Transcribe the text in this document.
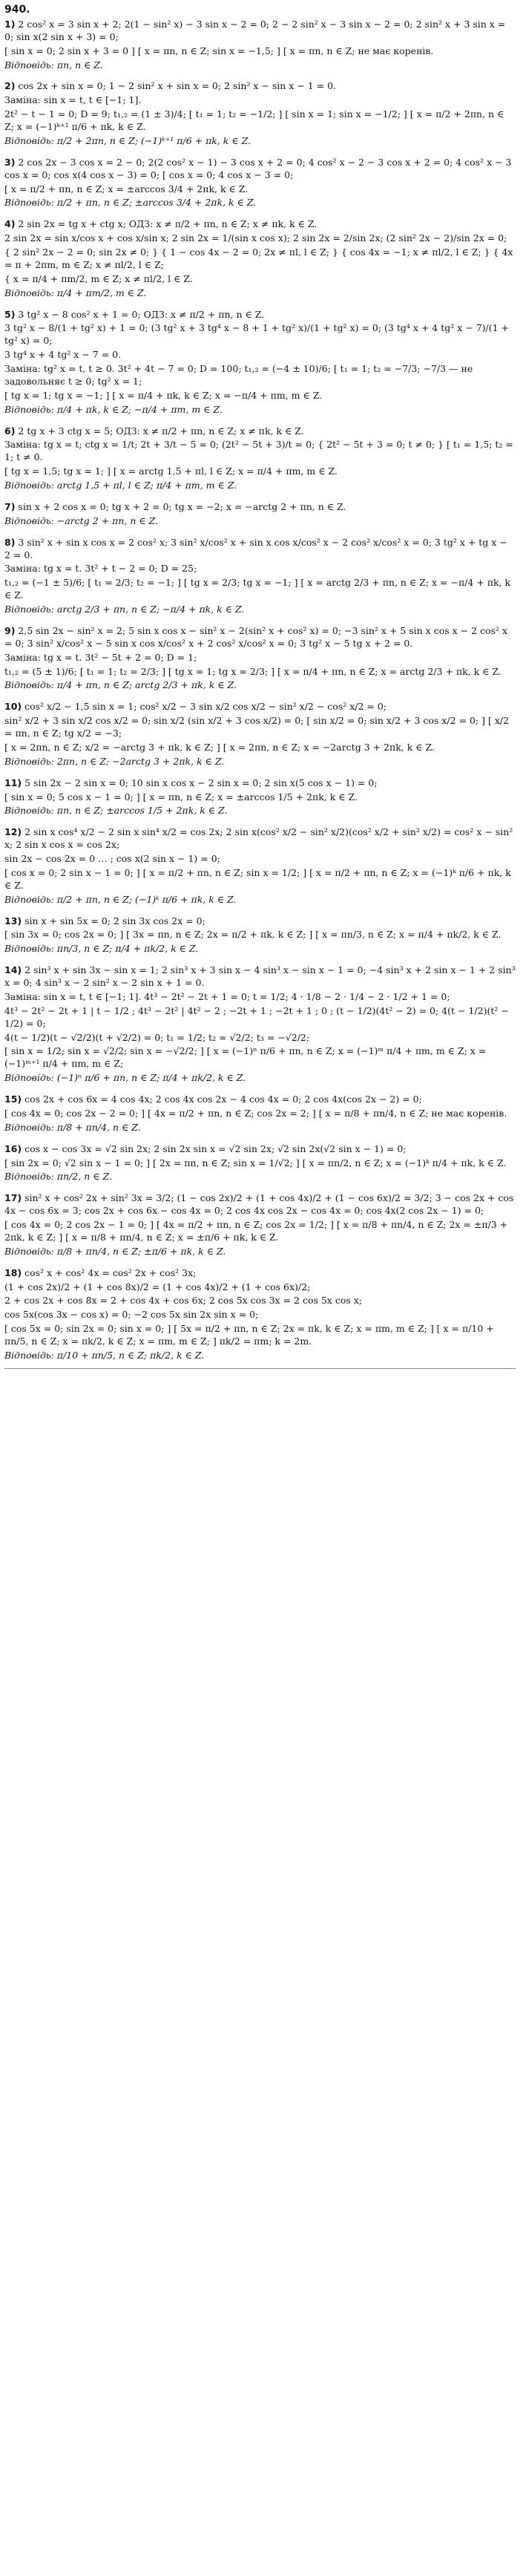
940.
1) 2 cos² x = 3 sin x + 2; 2(1 − sin² x) − 3 sin x − 2 = 0; 2 − 2 sin² x − 3 sin x − 2 = 0; 2 sin² x + 3 sin x = 0; sin x(2 sin x + 3) = 0;
[ sin x = 0; 2 sin x + 3 = 0 ] [ x = πn, n ∈ Z; sin x = −1,5; ] [ x = πn, n ∈ Z; не має коренів.
Відповідь: πn, n ∈ Z.
2) cos 2x + sin x = 0; 1 − 2 sin² x + sin x = 0; 2 sin² x − sin x − 1 = 0.
Заміна: sin x = t, t ∈ [−1; 1].
2t² − t − 1 = 0; D = 9; t₁,₂ = (1 ± 3)/4; [ t₁ = 1; t₂ = −1/2; ] [ sin x = 1; sin x = −1/2; ] [ x = π/2 + 2πn, n ∈ Z; x = (−1)ᵏ⁺¹ π/6 + πk, k ∈ Z.
Відповідь: π/2 + 2πn, n ∈ Z; (−1)ᵏ⁺¹ π/6 + πk, k ∈ Z.
3) 2 cos 2x − 3 cos x = 2 − 0; 2(2 cos² x − 1) − 3 cos x + 2 = 0; 4 cos² x − 2 − 3 cos x + 2 = 0; 4 cos² x − 3 cos x = 0; cos x(4 cos x − 3) = 0; [ cos x = 0; 4 cos x − 3 = 0;
[ x = π/2 + πn, n ∈ Z; x = ±arccos 3/4 + 2πk, k ∈ Z.
Відповідь: π/2 + πn, n ∈ Z; ±arccos 3/4 + 2πk, k ∈ Z.
4) 2 sin 2x = tg x + ctg x; ОДЗ: x ≠ π/2 + πn, n ∈ Z; x ≠ πk, k ∈ Z.
2 sin 2x = sin x/cos x + cos x/sin x; 2 sin 2x = 1/(sin x cos x); 2 sin 2x = 2/sin 2x; (2 sin² 2x − 2)/sin 2x = 0;
{ 2 sin² 2x − 2 = 0; sin 2x ≠ 0; } { 1 − cos 4x − 2 = 0; 2x ≠ πl, l ∈ Z; } { cos 4x = −1; x ≠ πl/2, l ∈ Z; } { 4x = π + 2πm, m ∈ Z; x ≠ πl/2, l ∈ Z;
{ x = π/4 + πm/2, m ∈ Z; x ≠ πl/2, l ∈ Z.
Відповідь: π/4 + πm/2, m ∈ Z.
5) 3 tg² x − 8 cos² x + 1 = 0; ОДЗ: x ≠ π/2 + πn, n ∈ Z.
3 tg² x − 8/(1 + tg² x) + 1 = 0; (3 tg² x + 3 tg⁴ x − 8 + 1 + tg² x)/(1 + tg² x) = 0; (3 tg⁴ x + 4 tg² x − 7)/(1 + tg² x) = 0;
3 tg⁴ x + 4 tg² x − 7 = 0.
Заміна: tg² x = t, t ≥ 0. 3t² + 4t − 7 = 0; D = 100; t₁,₂ = (−4 ± 10)/6; [ t₁ = 1; t₂ = −7/3; −7/3 — не задовольняє t ≥ 0; tg² x = 1;
[ tg x = 1; tg x = −1; ] [ x = π/4 + πk, k ∈ Z; x = −π/4 + πm, m ∈ Z.
Відповідь: π/4 + πk, k ∈ Z; −π/4 + πm, m ∈ Z.
6) 2 tg x + 3 ctg x = 5; ОДЗ: x ≠ π/2 + πn, n ∈ Z; x ≠ πk, k ∈ Z.
Заміна: tg x = t; ctg x = 1/t; 2t + 3/t − 5 = 0; (2t² − 5t + 3)/t = 0; { 2t² − 5t + 3 = 0; t ≠ 0; } [ t₁ = 1,5; t₂ = 1; t ≠ 0.
[ tg x = 1,5; tg x = 1; ] [ x = arctg 1,5 + πl, l ∈ Z; x = π/4 + πm, m ∈ Z.
Відповідь: arctg 1,5 + πl, l ∈ Z; π/4 + πm, m ∈ Z.
7) sin x + 2 cos x = 0; tg x + 2 = 0; tg x = −2; x = −arctg 2 + πn, n ∈ Z.
Відповідь: −arctg 2 + πn, n ∈ Z.
8) 3 sin² x + sin x cos x = 2 cos² x; 3 sin² x/cos² x + sin x cos x/cos² x − 2 cos² x/cos² x = 0; 3 tg² x + tg x − 2 = 0.
Заміна: tg x = t. 3t² + t − 2 = 0; D = 25;
t₁,₂ = (−1 ± 5)/6; [ t₁ = 2/3; t₂ = −1; ] [ tg x = 2/3; tg x = −1; ] [ x = arctg 2/3 + πn, n ∈ Z; x = −π/4 + πk, k ∈ Z.
Відповідь: arctg 2/3 + πn, n ∈ Z; −π/4 + πk, k ∈ Z.
9) 2,5 sin 2x − sin² x = 2; 5 sin x cos x − sin² x − 2(sin² x + cos² x) = 0; −3 sin² x + 5 sin x cos x − 2 cos² x = 0; 3 sin² x/cos² x − 5 sin x cos x/cos² x + 2 cos² x/cos² x = 0; 3 tg² x − 5 tg x + 2 = 0.
Заміна: tg x = t. 3t² − 5t + 2 = 0; D = 1;
t₁,₂ = (5 ± 1)/6; [ t₁ = 1; t₂ = 2/3; ] [ tg x = 1; tg x = 2/3; ] [ x = π/4 + πn, n ∈ Z; x = arctg 2/3 + πk, k ∈ Z.
Відповідь: π/4 + πn, n ∈ Z; arctg 2/3 + πk, k ∈ Z.
10) cos² x/2 − 1,5 sin x = 1; cos² x/2 − 3 sin x/2 cos x/2 − sin² x/2 − cos² x/2 = 0;
sin² x/2 + 3 sin x/2 cos x/2 = 0; sin x/2 (sin x/2 + 3 cos x/2) = 0; [ sin x/2 = 0; sin x/2 + 3 cos x/2 = 0; ] [ x/2 = πn, n ∈ Z; tg x/2 = −3;
[ x = 2πn, n ∈ Z; x/2 = −arctg 3 + πk, k ∈ Z; ] [ x = 2πn, n ∈ Z; x = −2arctg 3 + 2πk, k ∈ Z.
Відповідь: 2πn, n ∈ Z; −2arctg 3 + 2πk, k ∈ Z.
11) 5 sin 2x − 2 sin x = 0; 10 sin x cos x − 2 sin x = 0; 2 sin x(5 cos x − 1) = 0;
[ sin x = 0; 5 cos x − 1 = 0; ] [ x = πn, n ∈ Z; x = ±arccos 1/5 + 2πk, k ∈ Z.
Відповідь: πn, n ∈ Z; ±arccos 1/5 + 2πk, k ∈ Z.
12) 2 sin x cos⁴ x/2 − 2 sin x sin⁴ x/2 = cos 2x; 2 sin x(cos² x/2 − sin² x/2)(cos² x/2 + sin² x/2) = cos² x − sin² x; 2 sin x cos x = cos 2x;
sin 2x − cos 2x = 0 … ; cos x(2 sin x − 1) = 0;
[ cos x = 0; 2 sin x − 1 = 0; ] [ x = π/2 + πn, n ∈ Z; sin x = 1/2; ] [ x = π/2 + πn, n ∈ Z; x = (−1)ᵏ π/6 + πk, k ∈ Z.
Відповідь: π/2 + πn, n ∈ Z; (−1)ᵏ π/6 + πk, k ∈ Z.
13) sin x + sin 5x = 0; 2 sin 3x cos 2x = 0;
[ sin 3x = 0; cos 2x = 0; ] [ 3x = πn, n ∈ Z; 2x = π/2 + πk, k ∈ Z; ] [ x = πn/3, n ∈ Z; x = π/4 + πk/2, k ∈ Z.
Відповідь: πn/3, n ∈ Z; π/4 + πk/2, k ∈ Z.
14) 2 sin³ x + sin 3x − sin x = 1; 2 sin³ x + 3 sin x − 4 sin³ x − sin x − 1 = 0; −4 sin³ x + 2 sin x − 1 + 2 sin³ x = 0; 4 sin³ x − 2 sin² x − 2 sin x + 1 = 0.
Заміна: sin x = t, t ∈ [−1; 1]. 4t³ − 2t² − 2t + 1 = 0; t = 1/2; 4 · 1/8 − 2 · 1/4 − 2 · 1/2 + 1 = 0;
4t³ − 2t² − 2t + 1 | t − 1/2 ; 4t³ − 2t² | 4t² − 2 ; −2t + 1 ; −2t + 1 ; 0 ; (t − 1/2)(4t² − 2) = 0; 4(t − 1/2)(t² − 1/2) = 0;
4(t − 1/2)(t − √2/2)(t + √2/2) = 0; t₁ = 1/2; t₂ = √2/2; t₃ = −√2/2;
[ sin x = 1/2; sin x = √2/2; sin x = −√2/2; ] [ x = (−1)ⁿ π/6 + πn, n ∈ Z; x = (−1)ᵐ π/4 + πm, m ∈ Z; x = (−1)ᵐ⁺¹ π/4 + πm, m ∈ Z;
Відповідь: (−1)ⁿ π/6 + πn, n ∈ Z; π/4 + πk/2, k ∈ Z.
15) cos 2x + cos 6x = 4 cos 4x; 2 cos 4x cos 2x − 4 cos 4x = 0; 2 cos 4x(cos 2x − 2) = 0;
[ cos 4x = 0; cos 2x − 2 = 0; ] [ 4x = π/2 + πn, n ∈ Z; cos 2x = 2; ] [ x = π/8 + πn/4, n ∈ Z; не має коренів.
Відповідь: π/8 + πn/4, n ∈ Z.
16) cos x − cos 3x = √2 sin 2x; 2 sin 2x sin x = √2 sin 2x; √2 sin 2x(√2 sin x − 1) = 0;
[ sin 2x = 0; √2 sin x − 1 = 0; ] [ 2x = πn, n ∈ Z; sin x = 1/√2; ] [ x = πn/2, n ∈ Z; x = (−1)ᵏ π/4 + πk, k ∈ Z.
Відповідь: πn/2, n ∈ Z.
17) sin² x + cos² 2x + sin² 3x = 3/2; (1 − cos 2x)/2 + (1 + cos 4x)/2 + (1 − cos 6x)/2 = 3/2; 3 − cos 2x + cos 4x − cos 6x = 3; cos 2x + cos 6x − cos 4x = 0; 2 cos 4x cos 2x − cos 4x = 0; cos 4x(2 cos 2x − 1) = 0;
[ cos 4x = 0; 2 cos 2x − 1 = 0; ] [ 4x = π/2 + πn, n ∈ Z; cos 2x = 1/2; ] [ x = π/8 + πn/4, n ∈ Z; 2x = ±π/3 + 2πk, k ∈ Z; ] [ x = π/8 + πn/4, n ∈ Z; x = ±π/6 + πk, k ∈ Z.
Відповідь: π/8 + πn/4, n ∈ Z; ±π/6 + πk, k ∈ Z.
18) cos² x + cos² 4x = cos² 2x + cos² 3x;
(1 + cos 2x)/2 + (1 + cos 8x)/2 = (1 + cos 4x)/2 + (1 + cos 6x)/2;
2 + cos 2x + cos 8x = 2 + cos 4x + cos 6x; 2 cos 5x cos 3x = 2 cos 5x cos x;
cos 5x(cos 3x − cos x) = 0; −2 cos 5x sin 2x sin x = 0;
[ cos 5x = 0; sin 2x = 0; sin x = 0; ] [ 5x = π/2 + πn, n ∈ Z; 2x = πk, k ∈ Z; x = πm, m ∈ Z; ] [ x = π/10 + πn/5, n ∈ Z; x = πk/2, k ∈ Z; x = πm, m ∈ Z; ] πk/2 = πm; k = 2m.
Відповідь: π/10 + πn/5, n ∈ Z; πk/2, k ∈ Z.
